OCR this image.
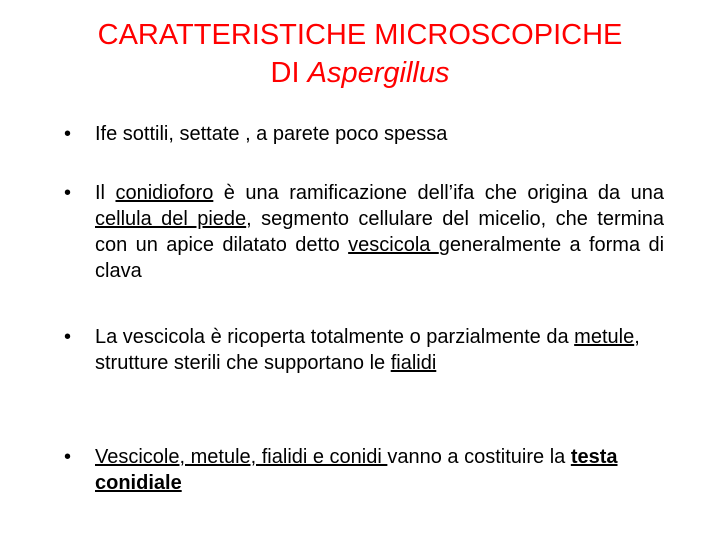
CARATTERISTICHE MICROSCOPICHE
DI Aspergillus
•	Ife sottili, settate , a parete poco spessa
•	Il conidioforo è una ramificazione dell’ifa che origina da una cellula del piede, segmento cellulare del micelio, che termina con un apice dilatato detto vescicola generalmente a forma di clava
•	La vescicola è ricoperta totalmente o parzialmente da metule,
strutture sterili che supportano le fialidi
•	Vescicole, metule, fialidi e conidi vanno a costituire la testa conidiale
